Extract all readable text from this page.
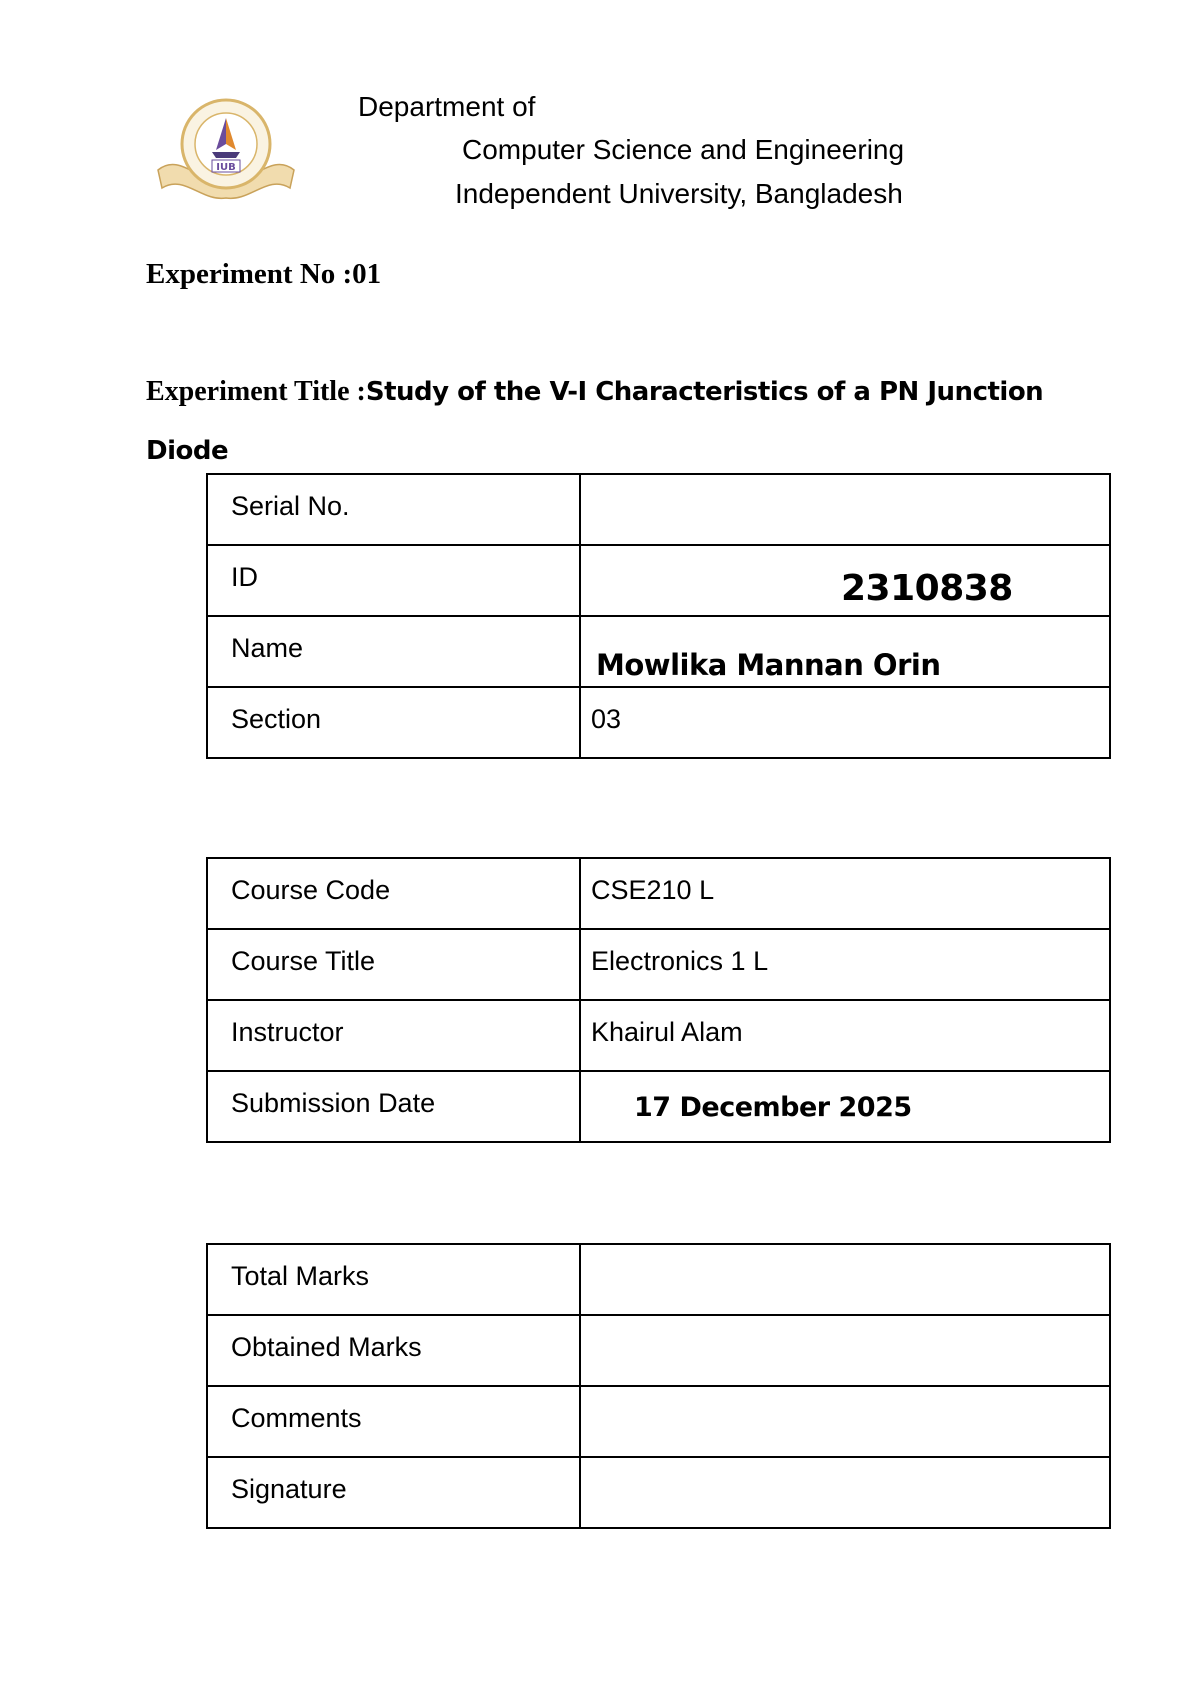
IUB
Department of
Computer Science and Engineering
Independent University, Bangladesh
Experiment No :01
Experiment Title :Study of the V-I Characteristics of a PN Junction Diode
Serial No.	
ID	2310838
Name	Mowlika Mannan Orin
Section	03
Course Code	CSE210 L
Course Title	Electronics 1 L
Instructor	Khairul Alam
Submission Date	17 December 2025
Total Marks	
Obtained Marks	
Comments	
Signature	
